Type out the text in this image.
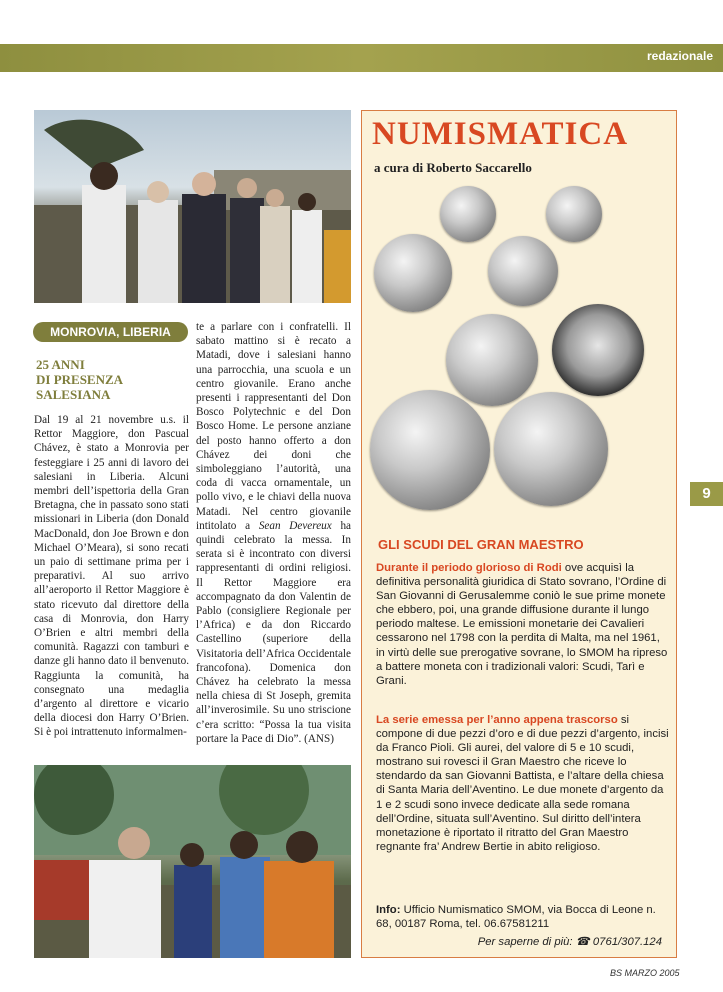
redazionale
9
MONROVIA, LIBERIA
25 ANNI
DI PRESENZA
SALESIANA
Dal 19 al 21 novembre u.s. il Rettor Maggiore, don Pascual Chávez, è stato a Monrovia per festeggiare i 25 anni di lavoro dei salesiani in Liberia. Alcuni membri dell’ispettoria della Gran Bretagna, che in passato sono stati missionari in Liberia (don Donald MacDonald, don Joe Brown e don Michael O’Meara), si sono recati un paio di settimane prima per i preparativi. Al suo arrivo all’aeroporto il Rettor Maggiore è stato ricevuto dal direttore della casa di Monrovia, don Harry O’Brien e altri membri della comunità. Ragazzi con tamburi e danze gli hanno dato il benvenuto. Raggiunta la comunità, ha consegnato una medaglia d’argento al direttore e vicario della diocesi don Harry O’Brien. Si è poi intrattenuto informalmen-
te a parlare con i confratelli. Il sabato mattino si è recato a Matadi, dove i salesiani hanno una parrocchia, una scuola e un centro giovanile. Erano anche presenti i rappresentanti del Don Bosco Polytechnic e del Don Bosco Home. Le persone anziane del posto hanno offerto a don Chávez dei doni che simboleggiano l’autorità, una coda di vacca ornamentale, un pollo vivo, e le chiavi della nuova Matadi. Nel centro giovanile intitolato a Sean Devereux ha quindi celebrato la messa. In serata si è incontrato con diversi rappresentanti di ordini religiosi. Il Rettor Maggiore era accompagnato da don Valentin de Pablo (consigliere Regionale per l’Africa) e da don Riccardo Castellino (superiore della Visitatoria dell’Africa Occidentale francofona). Domenica don Chávez ha celebrato la messa nella chiesa di St Joseph, gremita all’inverosimile. Su uno striscione c’era scritto: “Possa la tua visita portare la Pace di Dio”. (ANS)
NUMISMATICA
a cura di Roberto Saccarello
GLI SCUDI DEL GRAN MAESTRO
Durante il periodo glorioso di Rodi ove acquisì la definitiva personalità giuridica di Stato sovrano, l’Ordine di San Giovanni di Gerusalemme coniò le sue prime monete che ebbero, poi, una grande diffusione durante il lungo periodo maltese. Le emissioni monetarie dei Cavalieri cessarono nel 1798 con la perdita di Malta, ma nel 1961, in virtù delle sue prerogative sovrane, lo SMOM ha ripreso a battere moneta con i tradizionali valori: Scudi, Tarì e Grani.
La serie emessa per l’anno appena trascorso si compone di due pezzi d’oro e di due pezzi d’argento, incisi da Franco Pioli. Gli aurei, del valore di 5 e 10 scudi, mostrano sui rovesci il Gran Maestro che riceve lo stendardo da san Giovanni Battista, e l’altare della chiesa di Santa Maria dell’Aventino. Le due monete d’argento da 1 e 2 scudi sono invece dedicate alla sede romana dell’Ordine, situata sull’Aventino. Sul diritto dell’intera monetazione è riportato il ritratto del Gran Maestro regnante fra’ Andrew Bertie in abito religioso.
Info: Ufficio Numismatico SMOM, via Bocca di Leone n. 68, 00187 Roma, tel. 06.67581211
Per saperne di più: ☎ 0761/307.124
BS MARZO 2005
